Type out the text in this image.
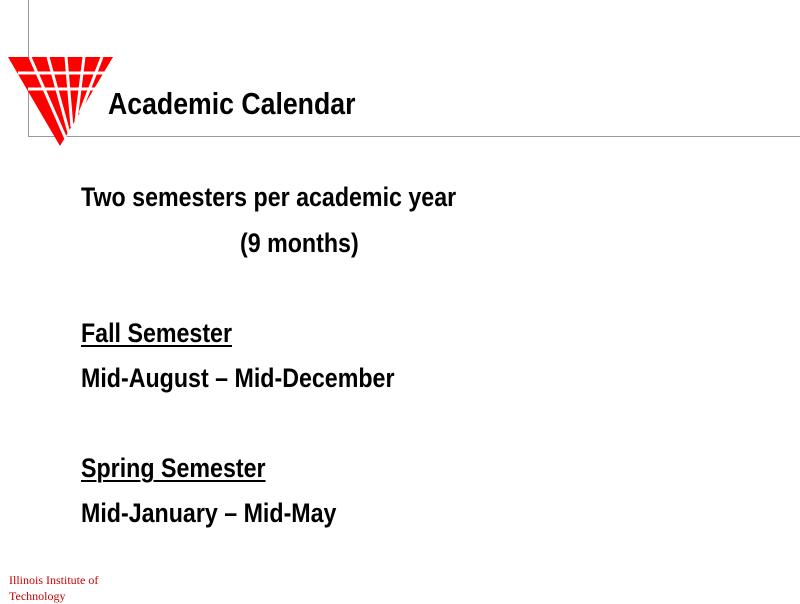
Academic Calendar
Two semesters per academic year
(9 months)
Fall Semester
Mid-August – Mid-December
Spring Semester
Mid-January – Mid-May
Illinois Institute of Technology
